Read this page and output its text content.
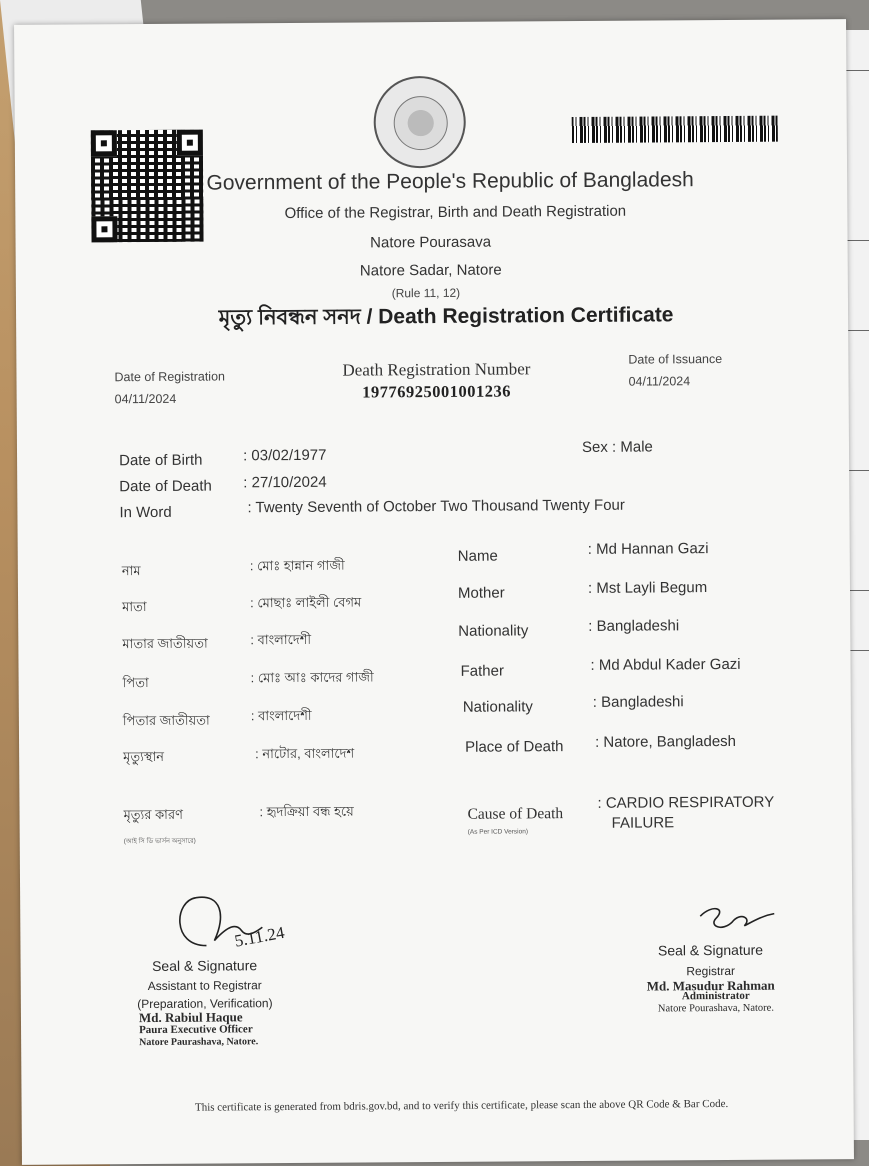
Government of the People's Republic of Bangladesh
Office of the Registrar, Birth and Death Registration
Natore Pourasava
Natore Sadar, Natore
(Rule 11, 12)
মৃত্যু নিবন্ধন সনদ / Death Registration Certificate
Date of Registration
04/11/2024
Death Registration Number
19776925001001236
Date of Issuance
04/11/2024
Date of Birth	: 03/02/1977
Date of Death : 27/10/2024
In Word	: Twenty Seventh of October Two Thousand Twenty Four
Sex : Male
নাম	: মোঃ হান্নান গাজী
মাতা	: মোছাঃ লাইলী বেগম
মাতার জাতীয়তা	: বাংলাদেশী
পিতা	: মোঃ আঃ কাদের গাজী
পিতার জাতীয়তা	: বাংলাদেশী
মৃত্যুস্থান	: নাটোর, বাংলাদেশ
মৃত্যুর কারণ
(আই সি ডি ভার্সন অনুসারে)
: হৃদক্রিয়া বন্ধ হয়ে
Name	: Md Hannan Gazi
Mother	: Mst Layli Begum
Nationality	: Bangladeshi
Father	: Md Abdul Kader Gazi
Nationality	: Bangladeshi
Place of Death : Natore, Bangladesh
Cause of Death
(As Per ICD Version)
: CARDIO RESPIRATORY
FAILURE
5.11.24
Seal & Signature
Assistant to Registrar
(Preparation, Verification)
Md. Rabiul Haque
Paura Executive Officer
Natore Paurashava, Natore.
Seal & Signature
Registrar
Md. Masudur Rahman
Administrator
Natore Pourashava, Natore.
This certificate is generated from bdris.gov.bd, and to verify this certificate, please scan the above QR Code & Bar Code.
